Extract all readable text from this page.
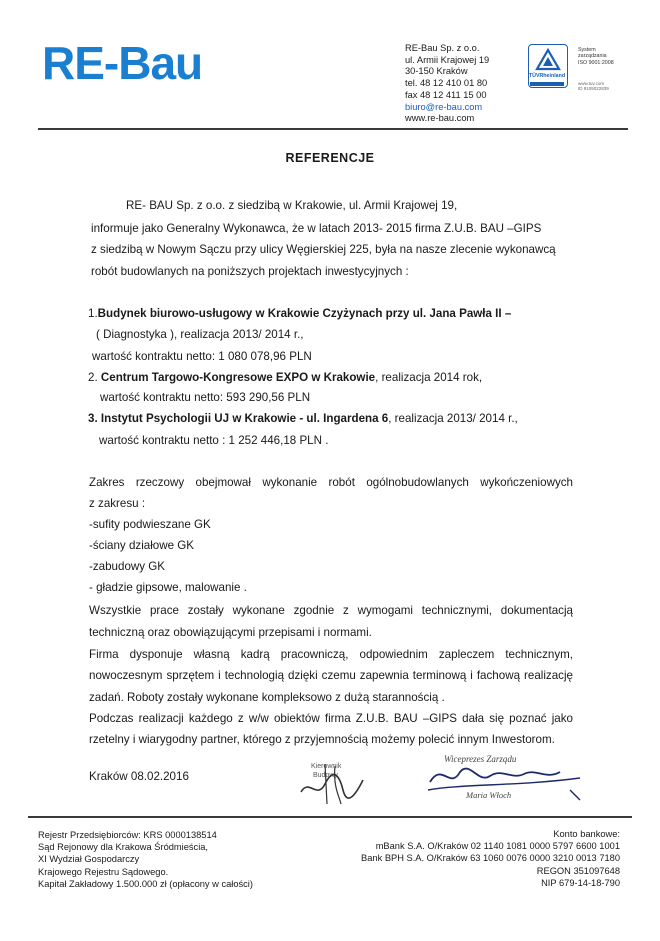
RE-Bau	RE-Bau Sp. z o.o.
ul. Armii Krajowej 19
30-150 Kraków
tel. 48 12 410 01 80
fax 48 12 411 15 00
biuro@re-bau.com
www.re-bau.com
TÜVRheinland
System
zarządzania
ISO 9001:2008
www.tuv.com
ID 9105022839
REFERENCJE
RE- BAU Sp. z o.o. z siedzibą w Krakowie, ul. Armii Krajowej 19,
informuje jako Generalny Wykonawca, że w latach 2013- 2015 firma Z.U.B. BAU –GIPS
z siedzibą w Nowym Sączu przy ulicy Węgierskiej 225, była na nasze zlecenie wykonawcą
robót budowlanych na poniższych projektach inwestycyjnych :
1.Budynek biurowo-usługowy w Krakowie Czyżynach przy ul. Jana Pawła II –
( Diagnostyka ), realizacja 2013/ 2014 r.,
wartość kontraktu netto: 1 080 078,96 PLN
2. Centrum Targowo-Kongresowe EXPO w Krakowie, realizacja 2014 rok,
wartość kontraktu netto: 593 290,56 PLN
3. Instytut Psychologii UJ w Krakowie - ul. Ingardena 6, realizacja 2013/ 2014 r.,
wartość kontraktu netto : 1 252 446,18 PLN .
Zakres rzeczowy obejmował wykonanie robót ogólnobudowlanych wykończeniowych
z zakresu :
-sufity podwieszane GK
-ściany działowe GK
-zabudowy GK
- gładzie gipsowe, malowanie .
Wszystkie prace zostały wykonane zgodnie z wymogami technicznymi, dokumentacją
techniczną oraz obowiązującymi przepisami i normami.
Firma dysponuje własną kadrą pracowniczą, odpowiednim zapleczem technicznym,
nowoczesnym sprzętem i technologią dzięki czemu zapewnia terminową i fachową realizację
zadań. Roboty zostały wykonane kompleksowo z dużą starannością .
Podczas realizacji każdego z w/w obiektów firma Z.U.B. BAU –GIPS dała się poznać jako
rzetelny i wiarygodny partner, którego z przyjemnością możemy polecić innym Inwestorom.
Kraków 08.02.2016
Kierownik
Budowy
Wiceprezes Zarządu
Maria Włoch
Rejestr Przedsiębiorców: KRS 0000138514
Sąd Rejonowy dla Krakowa Śródmieścia,
XI Wydział Gospodarczy
Krajowego Rejestru Sądowego.
Kapitał Zakładowy 1.500.000 zł (opłacony w całości)
Konto bankowe:
mBank S.A. O/Kraków 02 1140 1081 0000 5797 6600 1001
Bank BPH S.A. O/Kraków 63 1060 0076 0000 3210 0013 7180
REGON 351097648
NIP 679-14-18-790
